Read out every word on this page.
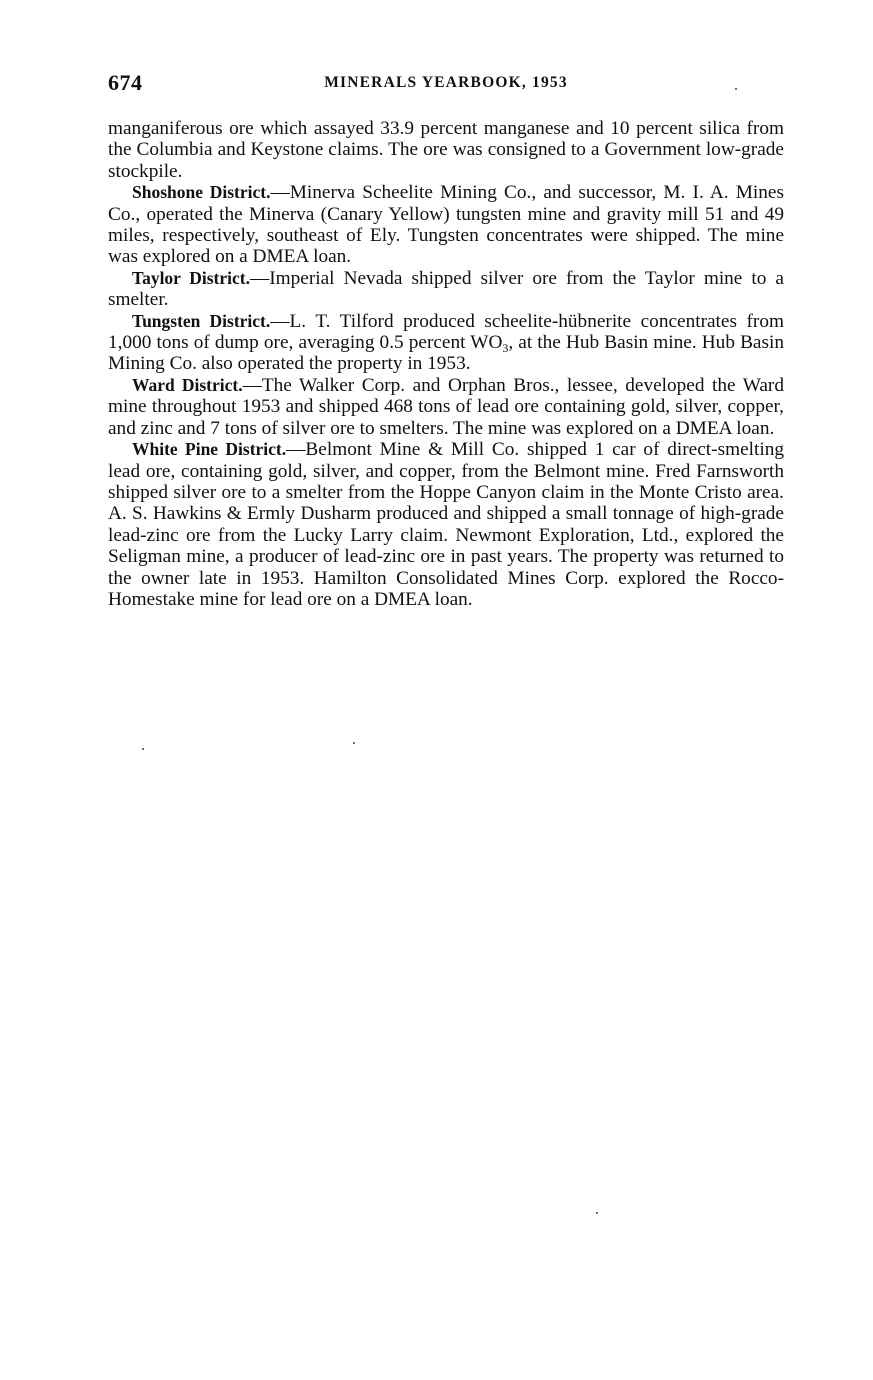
674	MINERALS YEARBOOK, 1953

manganiferous ore which assayed 33.9 percent manganese and 10 percent silica from the Columbia and Keystone claims. The ore was consigned to a Government low-grade stockpile.

Shoshone District.—Minerva Scheelite Mining Co., and successor, M. I. A. Mines Co., operated the Minerva (Canary Yellow) tungsten mine and gravity mill 51 and 49 miles, respectively, southeast of Ely. Tungsten concentrates were shipped. The mine was explored on a DMEA loan.

Taylor District.—Imperial Nevada shipped silver ore from the Taylor mine to a smelter.

Tungsten District.—L. T. Tilford produced scheelite-hübnerite concentrates from 1,000 tons of dump ore, averaging 0.5 percent $WO_3$, at the Hub Basin mine. Hub Basin Mining Co. also operated the property in 1953.

Ward District.—The Walker Corp. and Orphan Bros., lessee, developed the Ward mine throughout 1953 and shipped 468 tons of lead ore containing gold, silver, copper, and zinc and 7 tons of silver ore to smelters. The mine was explored on a DMEA loan.

White Pine District.—Belmont Mine & Mill Co. shipped 1 car of direct-smelting lead ore, containing gold, silver, and copper, from the Belmont mine. Fred Farnsworth shipped silver ore to a smelter from the Hoppe Canyon claim in the Monte Cristo area. A. S. Hawkins & Ermly Dusharm produced and shipped a small tonnage of high-grade lead-zinc ore from the Lucky Larry claim. Newmont Exploration, Ltd., explored the Seligman mine, a producer of lead-zinc ore in past years. The property was returned to the owner late in 1953. Hamilton Consolidated Mines Corp. explored the Rocco-Homestake mine for lead ore on a DMEA loan.
